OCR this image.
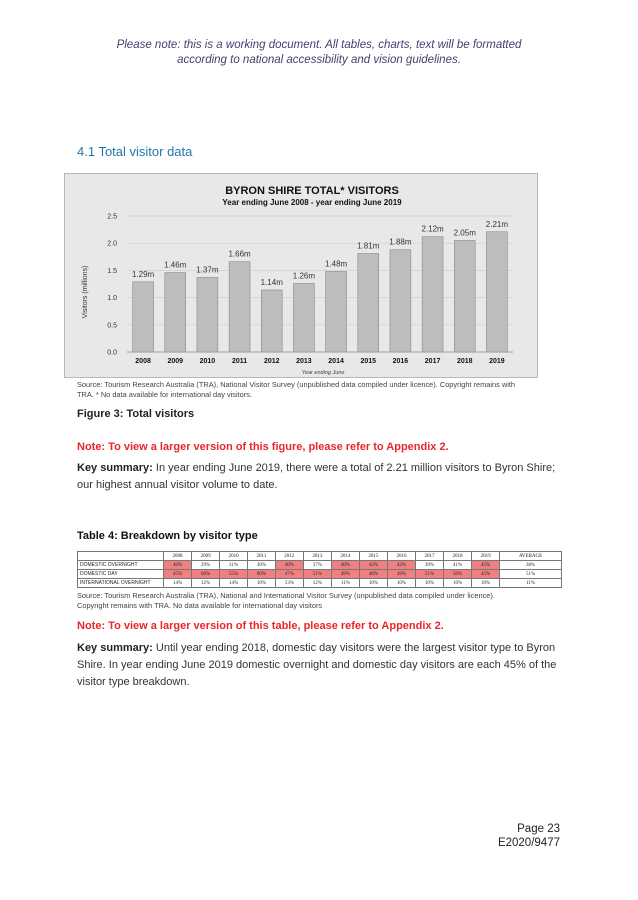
Please note: this is a working document. All tables, charts, text will be formatted
according to national accessibility and vision guidelines.
4.1 Total visitor data
BYRON SHIRE TOTAL* VISITORS
Year ending June 2008 - year ending June 2019
Visitors (millions)
Year ending June
0.0
0.5
1.0
1.5
2.0
2.5
1.29m
2008
1.46m
2009
1.37m
2010
1.66m
2011
1.14m
2012
1.26m
2013
1.48m
2014
1.81m
2015
1.88m
2016
2.12m
2017
2.05m
2018
2.21m
2019
Source: Tourism Research Australia (TRA), National Visitor Survey (unpublished data compiled under licence). Copyright remains with
TRA. * No data available for international day visitors.
Figure 3: Total visitors
Note: To view a larger version of this figure, please refer to Appendix 2.
Key summary: In year ending June 2019, there were a total of 2.21 million visitors to Byron Shire; our highest annual visitor volume to date.
Table 4: Breakdown by visitor type
	2008	2009	2010	2011	2012	2013	2014	2015	2016	2017	2018	2019	AVERAGE
DOMESTIC OVERNIGHT	40%	29%	31%	30%	40%	37%	40%	42%	42%	39%	41%	45%	38%
DOMESTIC DAY	45%	60%	55%	60%	47%	51%	49%	48%	49%	51%	50%	45%	51%
INTERNATIONAL OVERNIGHT	14%	12%	14%	10%	13%	12%	11%	10%	10%	10%	10%	10%	11%
Source: Tourism Research Australia (TRA), National and International Visitor Survey (unpublished data compiled under licence).
Copyright remains with TRA. No data available for international day visitors
Note: To view a larger version of this table, please refer to Appendix 2.
Key summary: Until year ending 2018, domestic day visitors were the largest visitor type to Byron Shire. In year ending June 2019 domestic overnight and domestic day visitors are each 45% of the visitor type breakdown.
Page 23
E2020/9477
